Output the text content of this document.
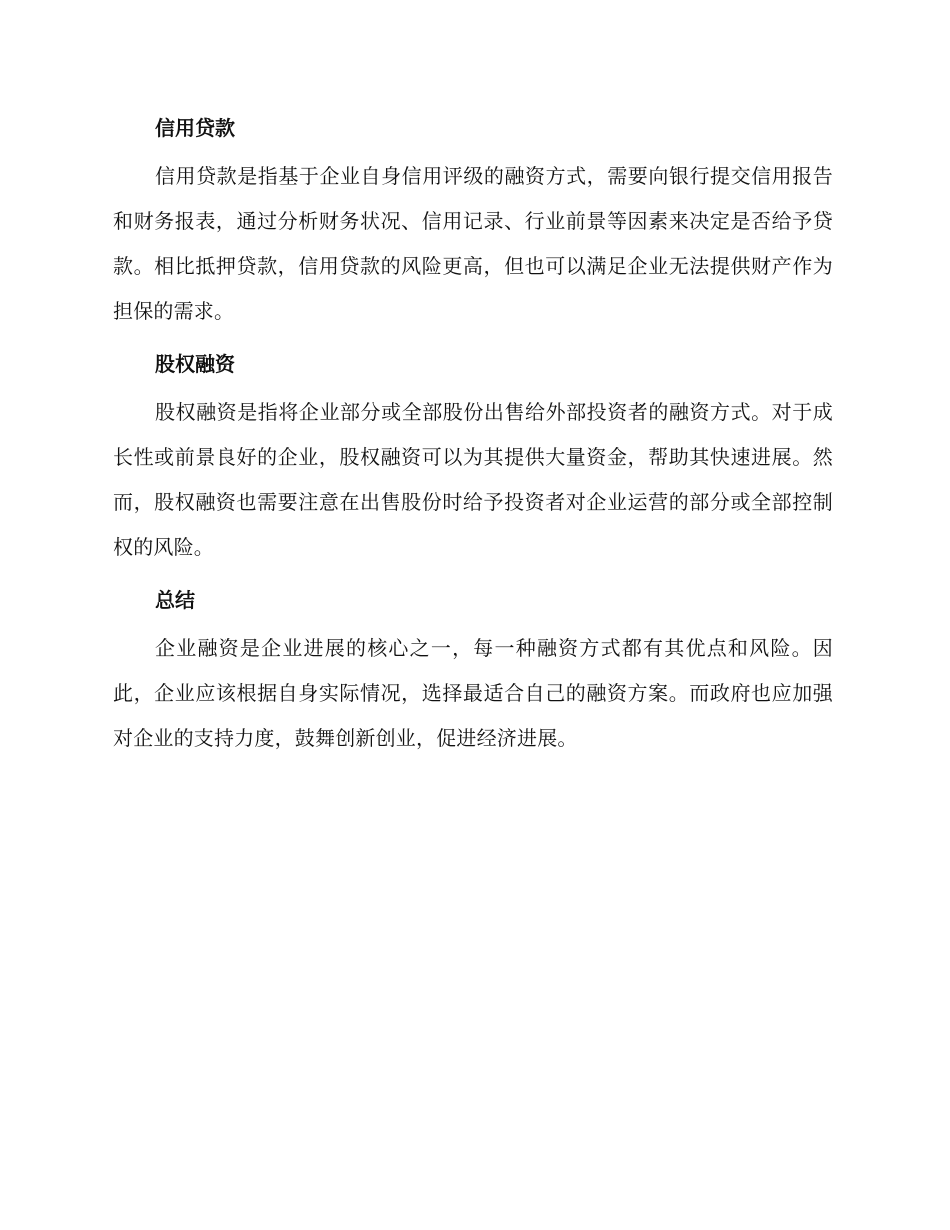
信用贷款

信用贷款是指基于企业自身信用评级的融资方式，需要向银行提交信用报告和财务报表，通过分析财务状况、信用记录、行业前景等因素来决定是否给予贷款。相比抵押贷款，信用贷款的风险更高，但也可以满足企业无法提供财产作为担保的需求。

股权融资

股权融资是指将企业部分或全部股份出售给外部投资者的融资方式。对于成长性或前景良好的企业，股权融资可以为其提供大量资金，帮助其快速进展。然而，股权融资也需要注意在出售股份时给予投资者对企业运营的部分或全部控制权的风险。

总结

企业融资是企业进展的核心之一，每一种融资方式都有其优点和风险。因此，企业应该根据自身实际情况，选择最适合自己的融资方案。而政府也应加强对企业的支持力度，鼓舞创新创业，促进经济进展。
